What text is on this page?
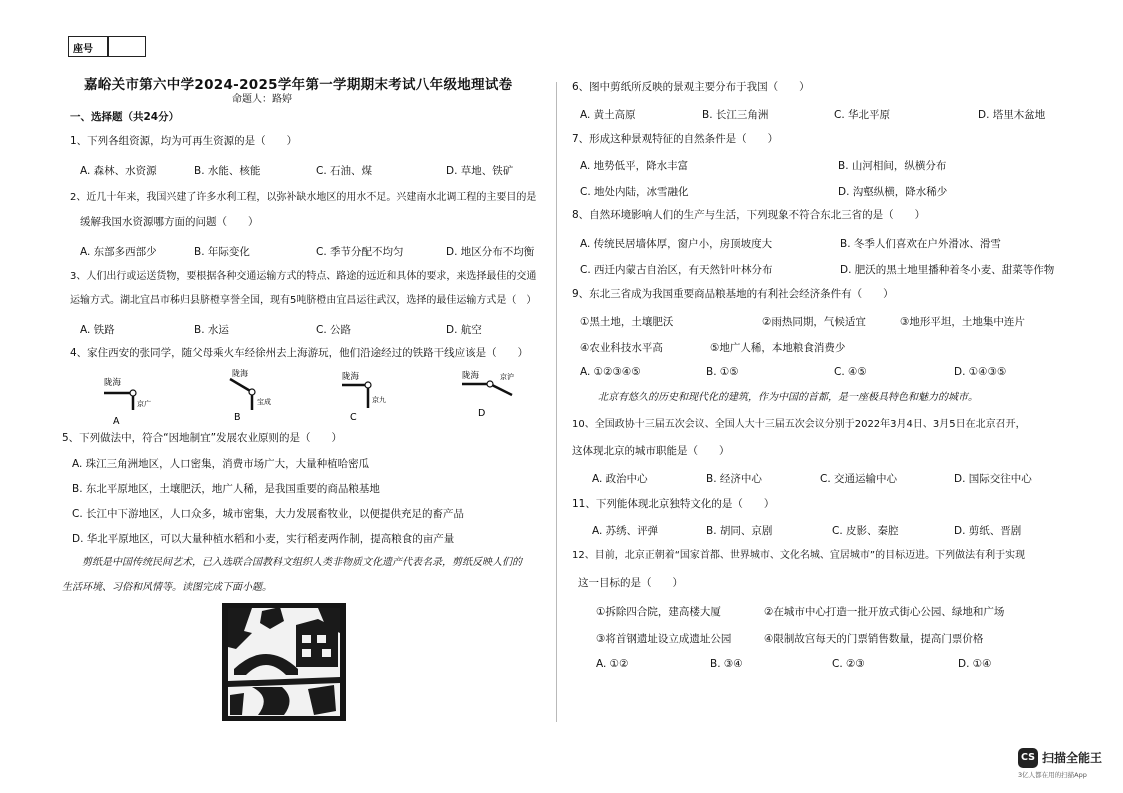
座号
嘉峪关市第六中学2024-2025学年第一学期期末考试八年级地理试卷
命题人：路婷
一、选择题（共24分）
1、下列各组资源，均为可再生资源的是（　　）
A. 森林、水资源	B. 水能、核能	C. 石油、煤	D. 草地、铁矿
2、近几十年来，我国兴建了许多水利工程，以弥补缺水地区的用水不足。兴建南水北调工程的主要目的是
缓解我国水资源哪方面的问题（　　）
A. 东部多西部少	B. 年际变化	C. 季节分配不均匀	D. 地区分布不均衡
3、人们出行或运送货物，要根据各种交通运输方式的特点、路途的远近和具体的要求，来选择最佳的交通
运输方式。湖北宜昌市秭归县脐橙享誉全国，现有5吨脐橙由宜昌运往武汉，选择的最佳运输方式是（　）
A. 铁路	B. 水运	C. 公路	D. 航空
4、家住西安的张同学，随父母乘火车经徐州去上海游玩，他们沿途经过的铁路干线应该是（　　）
陇海
京广
A
陇海
宝成
B
陇海
京九
C
陇海	京沪
D
5、下列做法中，符合“因地制宜”发展农业原则的是（　　）
A. 珠江三角洲地区，人口密集，消费市场广大，大量种植哈密瓜
B. 东北平原地区，土壤肥沃，地广人稀，是我国重要的商品粮基地
C. 长江中下游地区，人口众多，城市密集，大力发展畜牧业，以便提供充足的畜产品
D. 华北平原地区，可以大量种植水稻和小麦，实行稻麦两作制，提高粮食的亩产量
剪纸是中国传统民间艺术，已入选联合国教科文组织人类非物质文化遗产代表名录，剪纸反映人们的
生活环境、习俗和风情等。读图完成下面小题。
6、图中剪纸所反映的景观主要分布于我国（　　）
A. 黄土高原	B. 长江三角洲	C. 华北平原	D. 塔里木盆地
7、形成这种景观特征的自然条件是（　　）
A. 地势低平，降水丰富	B. 山河相间，纵横分布
C. 地处内陆，冰雪融化	D. 沟壑纵横，降水稀少
8、自然环境影响人们的生产与生活，下列现象不符合东北三省的是（　　）
A. 传统民居墙体厚，窗户小，房顶坡度大	B. 冬季人们喜欢在户外滑冰、滑雪
C. 西迁内蒙古自治区，有天然针叶林分布	D. 肥沃的黑土地里播种着冬小麦、甜菜等作物
9、东北三省成为我国重要商品粮基地的有利社会经济条件有（　　）
①黑土地，土壤肥沃	②雨热同期，气候适宜	③地形平坦，土地集中连片
④农业科技水平高	⑤地广人稀，本地粮食消费少
A. ①②③④⑤	B. ①⑤	C. ④⑤	D. ①④③⑤
北京有悠久的历史和现代化的建筑，作为中国的首都，是一座极具特色和魅力的城市。
10、全国政协十三届五次会议、全国人大十三届五次会议分别于2022年3月4日、3月5日在北京召开，
这体现北京的城市职能是（　　）
A. 政治中心	B. 经济中心	C. 交通运输中心	D. 国际交往中心
11、下列能体现北京独特文化的是（　　）
A. 苏绣、评弹	B. 胡同、京剧	C. 皮影、秦腔	D. 剪纸、晋剧
12、目前，北京正朝着“国家首都、世界城市、文化名城、宜居城市”的目标迈进。下列做法有利于实现
这一目标的是（　　）
①拆除四合院，建高楼大厦	②在城市中心打造一批开放式街心公园、绿地和广场
③将首钢遗址设立成遗址公园	④限制故宫每天的门票销售数量，提高门票价格
A. ①②	B. ③④	C. ②③	D. ①④
CS 扫描全能王
3亿人都在用的扫描App
